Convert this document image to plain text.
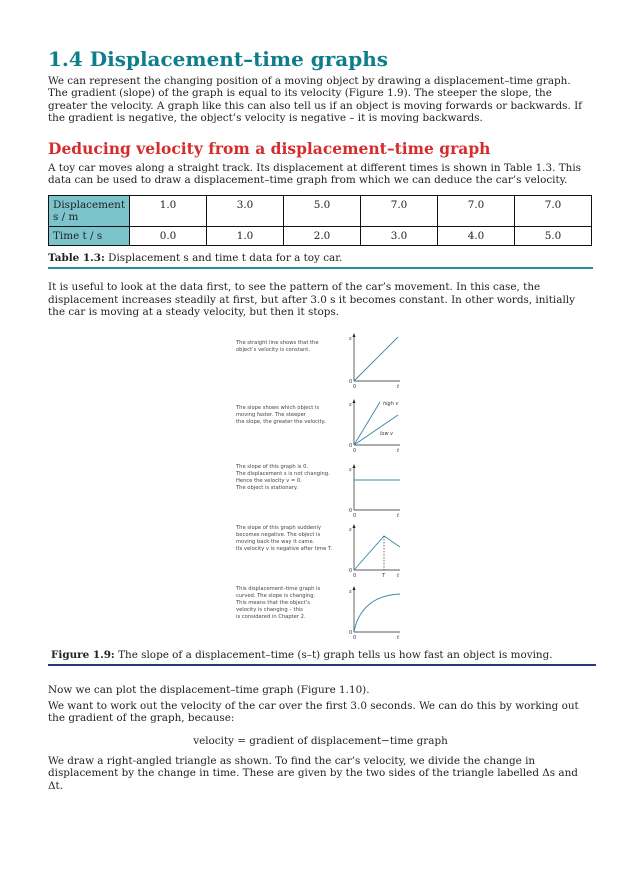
1.4 Displacement–time graphs

We can represent the changing position of a moving object by drawing a displacement–time graph. The gradient (slope) of the graph is equal to its velocity (Figure 1.9). The steeper the slope, the greater the velocity. A graph like this can also tell us if an object is moving forwards or backwards. If the gradient is negative, the object’s velocity is negative – it is moving backwards.

Deducing velocity from a displacement–time graph

A toy car moves along a straight track. Its displacement at different times is shown in Table 1.3. This data can be used to draw a displacement–time graph from which we can deduce the car’s velocity.

Displacement s / m	1.0	3.0	5.0	7.0	7.0	7.0
Time t / s	0.0	1.0	2.0	3.0	4.0	5.0
Table 1.3: Displacement s and time t data for a toy car.

It is useful to look at the data first, to see the pattern of the car’s movement. In this case, the displacement increases steadily at first, but after 3.0 s it becomes constant. In other words, initially the car is moving at a steady velocity, but then it stops.

The straight line shows that the object’s velocity is constant.
s
t
0
0
The slope shows which object is moving faster. The steeper the slope, the greater the velocity.
s
t
0
0
high v
low v
The slope of this graph is 0. The displacement s is not changing. Hence the velocity v = 0. The object is stationary.
s
t
0
0
The slope of this graph suddenly becomes negative. The object is moving back the way it came. Its velocity v is negative after time T.
s
t
0
0	T
This displacement–time graph is curved. The slope is changing. This means that the object’s velocity is changing – this is considered in Chapter 2.
s
t
0
0
Figure 1.9: The slope of a displacement–time (s–t) graph tells us how fast an object is moving.

Now we can plot the displacement–time graph (Figure 1.10).

We want to work out the velocity of the car over the first 3.0 seconds. We can do this by working out the gradient of the graph, because:

velocity = gradient of displacement−time graph

We draw a right-angled triangle as shown. To find the car’s velocity, we divide the change in displacement by the change in time. These are given by the two sides of the triangle labelled Δs and Δt.
